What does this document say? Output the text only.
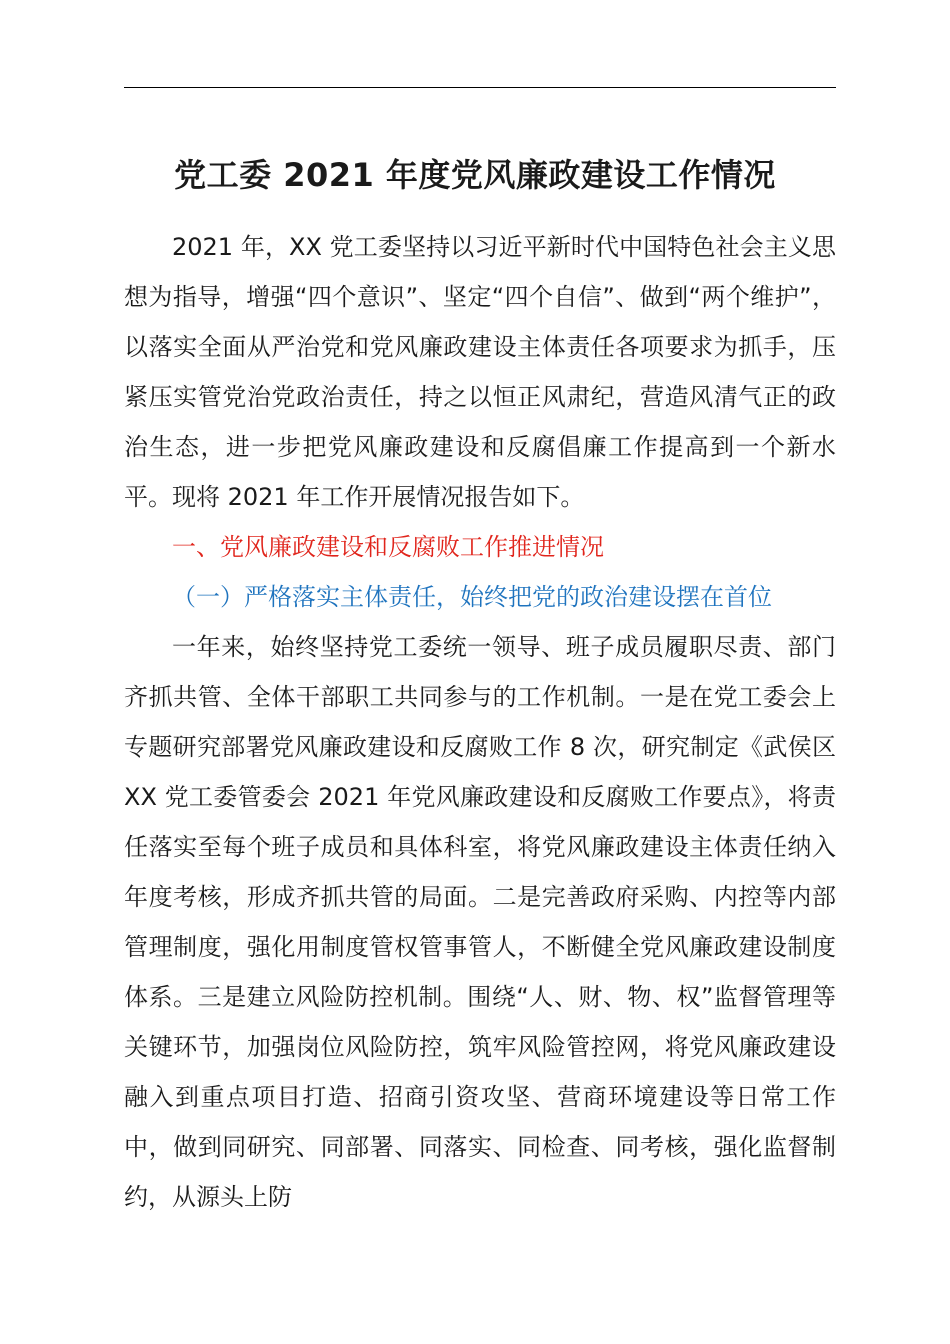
党工委 2021 年度党风廉政建设工作情况
2021 年，XX 党工委坚持以习近平新时代中国特色社会主义思想为指导，增强“四个意识”、坚定“四个自信”、做到“两个维护”，以落实全面从严治党和党风廉政建设主体责任各项要求为抓手，压紧压实管党治党政治责任，持之以恒正风肃纪，营造风清气正的政治生态，进一步把党风廉政建设和反腐倡廉工作提高到一个新水平。现将 2021 年工作开展情况报告如下。
一、党风廉政建设和反腐败工作推进情况
（一）严格落实主体责任，始终把党的政治建设摆在首位
一年来，始终坚持党工委统一领导、班子成员履职尽责、部门齐抓共管、全体干部职工共同参与的工作机制。一是在党工委会上专题研究部署党风廉政建设和反腐败工作 8 次，研究制定《武侯区 XX 党工委管委会 2021 年党风廉政建设和反腐败工作要点》，将责任落实至每个班子成员和具体科室，将党风廉政建设主体责任纳入年度考核，形成齐抓共管的局面。二是完善政府采购、内控等内部管理制度，强化用制度管权管事管人，不断健全党风廉政建设制度体系。三是建立风险防控机制。围绕“人、财、物、权”监督管理等关键环节，加强岗位风险防控，筑牢风险管控网，将党风廉政建设融入到重点项目打造、招商引资攻坚、营商环境建设等日常工作中，做到同研究、同部署、同落实、同检查、同考核，强化监督制约，从源头上防
